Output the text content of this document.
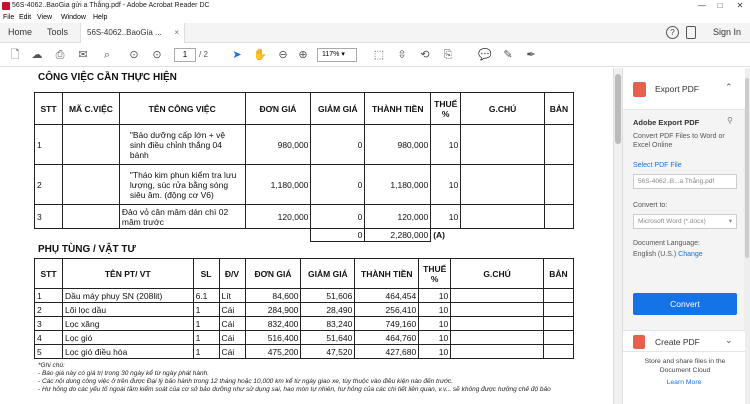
56S-4062..BaoGia gửi a Thắng.pdf - Adobe Acrobat Reader DC	—	□	✕
File Edit View Window Help
Home Tools	56S-4062..BaoGia ... ×	?	Sign In
🗋 ☁ ⎙ ✉	⌕	⊙ ⊙	1	/ 2 ➤ ✋ ⊖ ⊕	117% ▾	⬚ ⇳ ⟲ ⎘ 💬 ✎ ✒
CÔNG VIỆC CẦN THỰC HIỆN
STT	MÃ C.VIỆC	TÊN CÔNG VIỆC	ĐƠN GIÁ	GIẢM GIÁ	THÀNH TIỀN	THUẾ %	G.CHÚ	BẢN
1		"Bảo dưỡng cấp lớn + vệ sinh điều chỉnh thắng 04 bánh	980,000	0	980,000	10		
2		"Tháo kim phun kiểm tra lưu lượng, súc rửa bằng sóng siêu âm. (động cơ V6)	1,180,000	0	1,180,000	10		
3		Đảo vỏ cân mâm dán chì 02 mâm trước	120,000	0	120,000	10		
				0	2,280,000	(A)		
PHỤ TÙNG / VẬT TƯ
STT	TÊN PT/ VT	SL	Đ/V	ĐƠN GIÁ	GIẢM GIÁ	THÀNH TIỀN	THUẾ %	G.CHÚ	BẢN
1	Dầu máy phuy SN (208lit)	6.1	Lít	84,600	51,606	464,454	10		
2	Lõi lọc dầu	1	Cái	284,900	28,490	256,410	10		
3	Lọc xăng	1	Cái	832,400	83,240	749,160	10		
4	Lọc gió	1	Cái	516,400	51,640	464,760	10		
5	Lọc gió điều hòa	1	Cái	475,200	47,520	427,680	10		
*Ghi chú:
- Báo giá này có giá trị trong 30 ngày kể từ ngày phát hành.
- Các nội dung công việc ở trên được Đại lý bảo hành trong 12 tháng hoặc 10,000 km kể từ ngày giao xe, tùy thuộc vào điều kiện nào đến trước.
- Hư hỏng do các yếu tố ngoài tầm kiểm soát của cơ sở bảo dưỡng như sử dụng sai, hao mòn tự nhiên, hư hỏng của các chi tiết liên quan, v.v... sẽ không được hưởng chế độ bảo
Export PDF	⌃
Adobe Export PDF	⚲
Convert PDF Files to Word or Excel Online
Select PDF File
56S-4062..B...a Thắng.pdf
Convert to:
Microsoft Word (*.docx)	▾
Document Language:
English (U.S.) Change
Convert
Create PDF	⌄
Store and share files in the Document Cloud
Learn More
